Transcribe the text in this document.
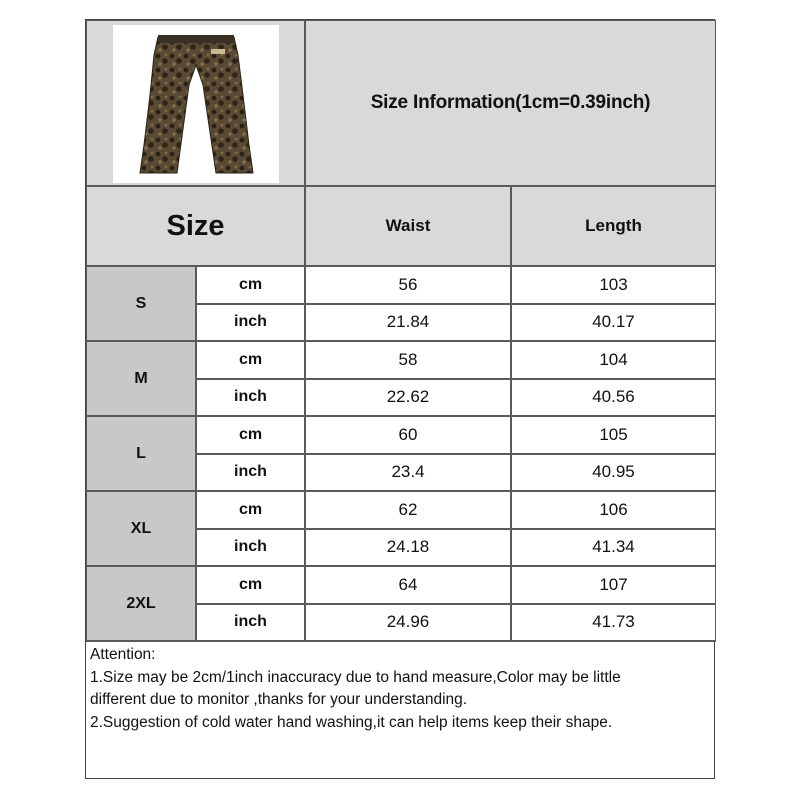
Size Information(1cm=0.39inch)
Size	Waist	Length
S
cm	56	103
inch	21.84	40.17
M
cm	58	104
inch	22.62	40.56
L
cm	60	105
inch	23.4	40.95
XL
cm	62	106
inch	24.18	41.34
2XL
cm	64	107
inch	24.96	41.73
Attention:
1.Size may be 2cm/1inch inaccuracy due to hand measure,Color may be little
different due to monitor ,thanks for your understanding.
2.Suggestion of cold water hand washing,it can help items keep their shape.
